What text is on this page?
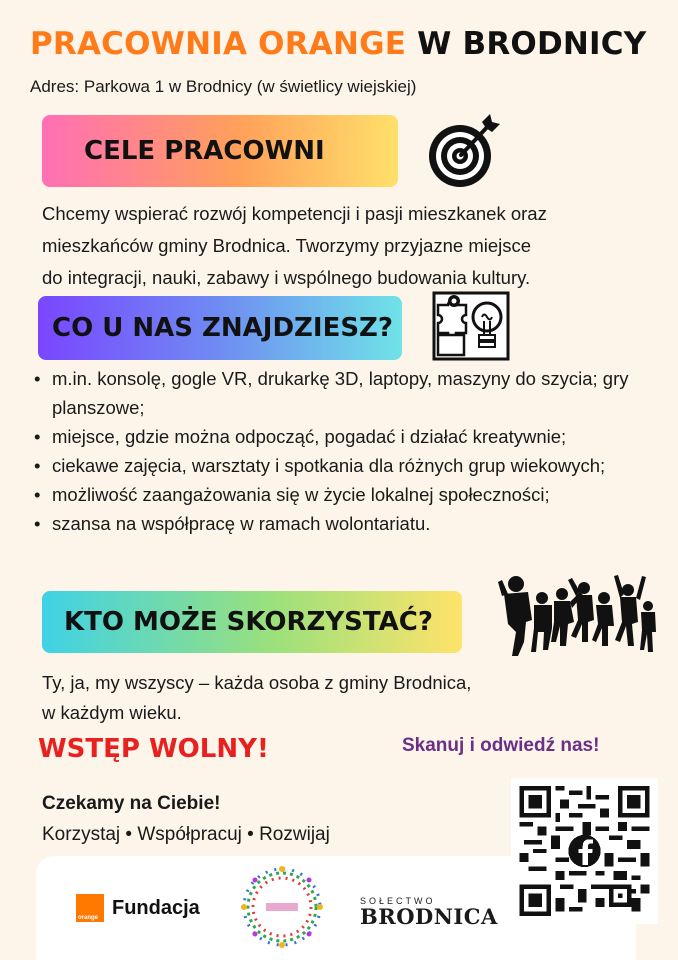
PRACOWNIA ORANGE W BRODNICY
Adres: Parkowa 1 w Brodnicy (w świetlicy wiejskiej)
CELE PRACOWNI
Chcemy wspierać rozwój kompetencji i pasji mieszkanek oraz
mieszkańców gminy Brodnica. Tworzymy przyjazne miejsce
do integracji, nauki, zabawy i wspólnego budowania kultury.
CO U NAS ZNAJDZIESZ?
• m.in. konsolę, gogle VR, drukarkę 3D, laptopy, maszyny do szycia; gry planszowe;
• miejsce, gdzie można odpocząć, pogadać i działać kreatywnie;
• ciekawe zajęcia, warsztaty i spotkania dla różnych grup wiekowych;
• możliwość zaangażowania się w życie lokalnej społeczności;
• szansa na współpracę w ramach wolontariatu.
KTO MOŻE SKORZYSTAĆ?
Ty, ja, my wszyscy – każda osoba z gminy Brodnica,
w każdym wieku.
WSTĘP WOLNY!	Skanuj i odwiedź nas!
Czekamy na Ciebie!
Korzystaj • Współpracuj • Rozwijaj
orange Fundacja	SOŁECTWO
BRODNICA
